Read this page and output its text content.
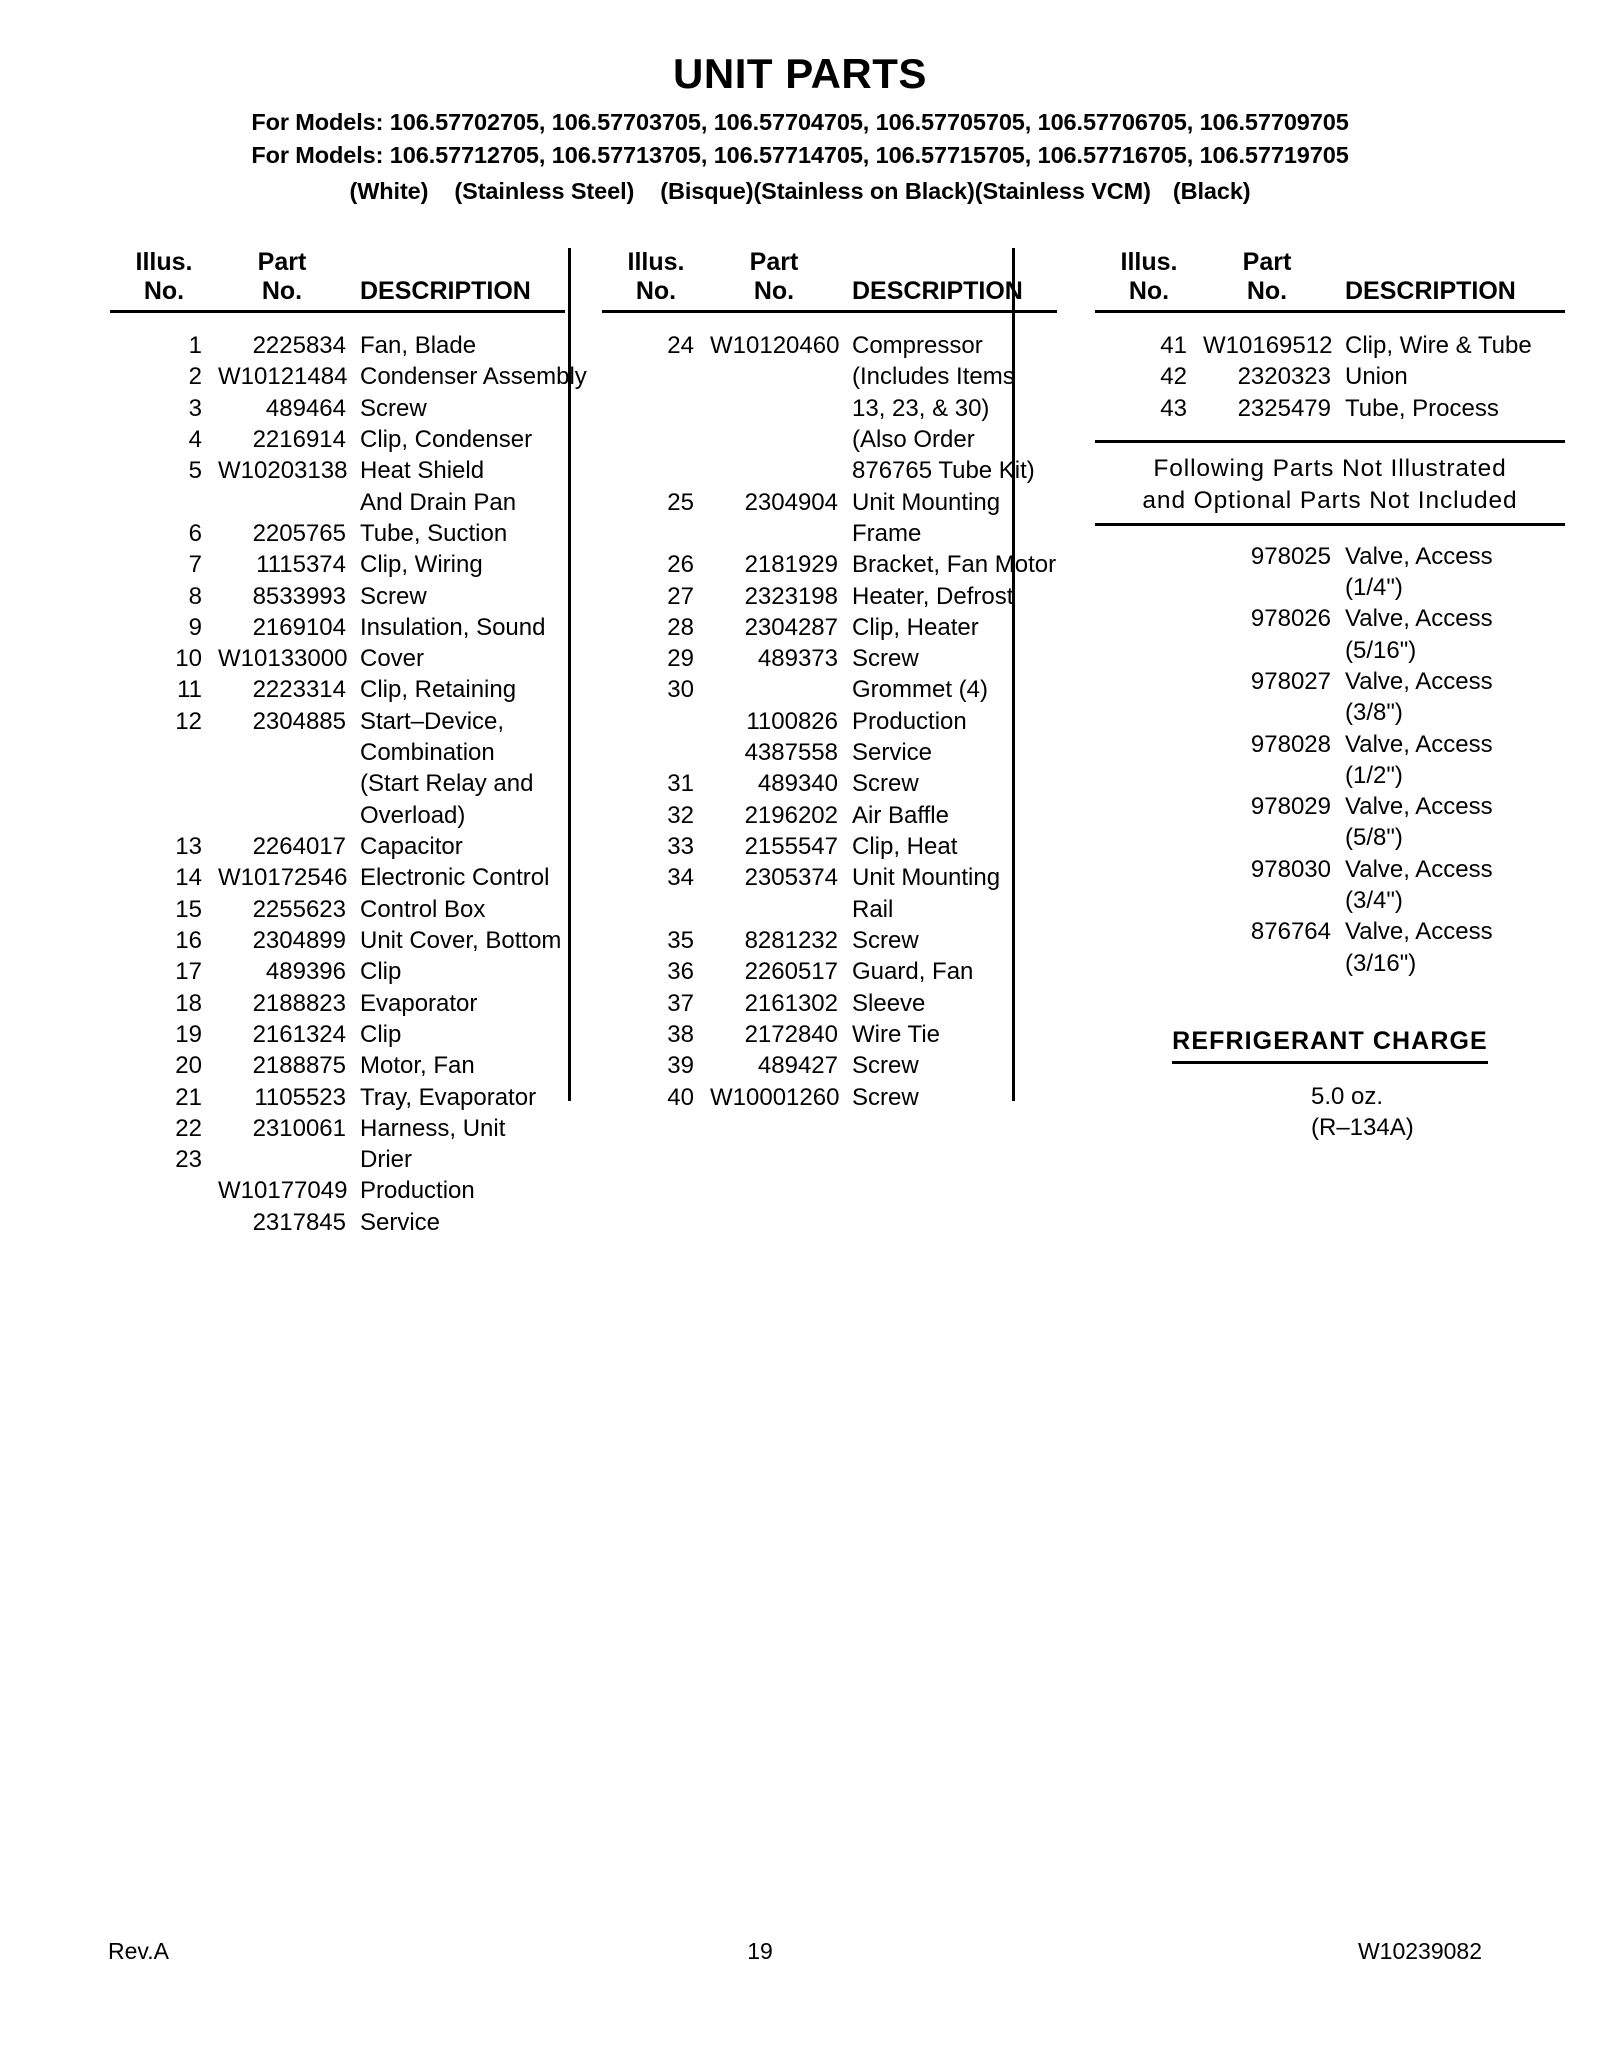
UNIT PARTS
For Models: 106.57702705, 106.57703705, 106.57704705, 106.57705705, 106.57706705, 106.57709705
For Models: 106.57712705, 106.57713705, 106.57714705, 106.57715705, 106.57716705, 106.57719705
(White) (Stainless Steel) (Bisque)(Stainless on Black)(Stainless VCM) (Black)
Illus.	Part
No.	No.	DESCRIPTION
1	2225834 Fan, Blade
2 W10121484 Condenser Assembly
3	489464 Screw
4	2216914 Clip, Condenser
5 W10203138 Heat Shield
And Drain Pan
6	2205765 Tube, Suction
7	1115374 Clip, Wiring
8	8533993 Screw
9	2169104 Insulation, Sound
10 W10133000 Cover
11	2223314 Clip, Retaining
12	2304885 Start–Device,
Combination
(Start Relay and
Overload)
13	2264017 Capacitor
14 W10172546 Electronic Control
15	2255623 Control Box
16	2304899 Unit Cover, Bottom
17	489396 Clip
18	2188823 Evaporator
19	2161324 Clip
20	2188875 Motor, Fan
21	1105523 Tray, Evaporator
22	2310061 Harness, Unit
23	Drier
W10177049 Production
2317845 Service
Illus.	Part
No.	No.	DESCRIPTION
24 W10120460 Compressor
(Includes Items
13, 23, & 30)
(Also Order
876765 Tube Kit)
25	2304904 Unit Mounting
Frame
26	2181929 Bracket, Fan Motor
27	2323198 Heater, Defrost
28	2304287 Clip, Heater
29	489373 Screw
30	Grommet (4)
1100826 Production
4387558 Service
31	489340 Screw
32	2196202 Air Baffle
33	2155547 Clip, Heat
34	2305374 Unit Mounting
Rail
35	8281232 Screw
36	2260517 Guard, Fan
37	2161302 Sleeve
38	2172840 Wire Tie
39	489427 Screw
40 W10001260 Screw
Illus.	Part
No.	No.	DESCRIPTION
41 W10169512 Clip, Wire & Tube
42	2320323 Union
43	2325479 Tube, Process
Following Parts Not Illustrated
and Optional Parts Not Included
978025 Valve, Access
(1/4")
978026 Valve, Access
(5/16")
978027 Valve, Access
(3/8")
978028 Valve, Access
(1/2")
978029 Valve, Access
(5/8")
978030 Valve, Access
(3/4")
876764 Valve, Access
(3/16")
REFRIGERANT CHARGE
5.0 oz.
(R–134A)
Rev.A	19	W10239082
